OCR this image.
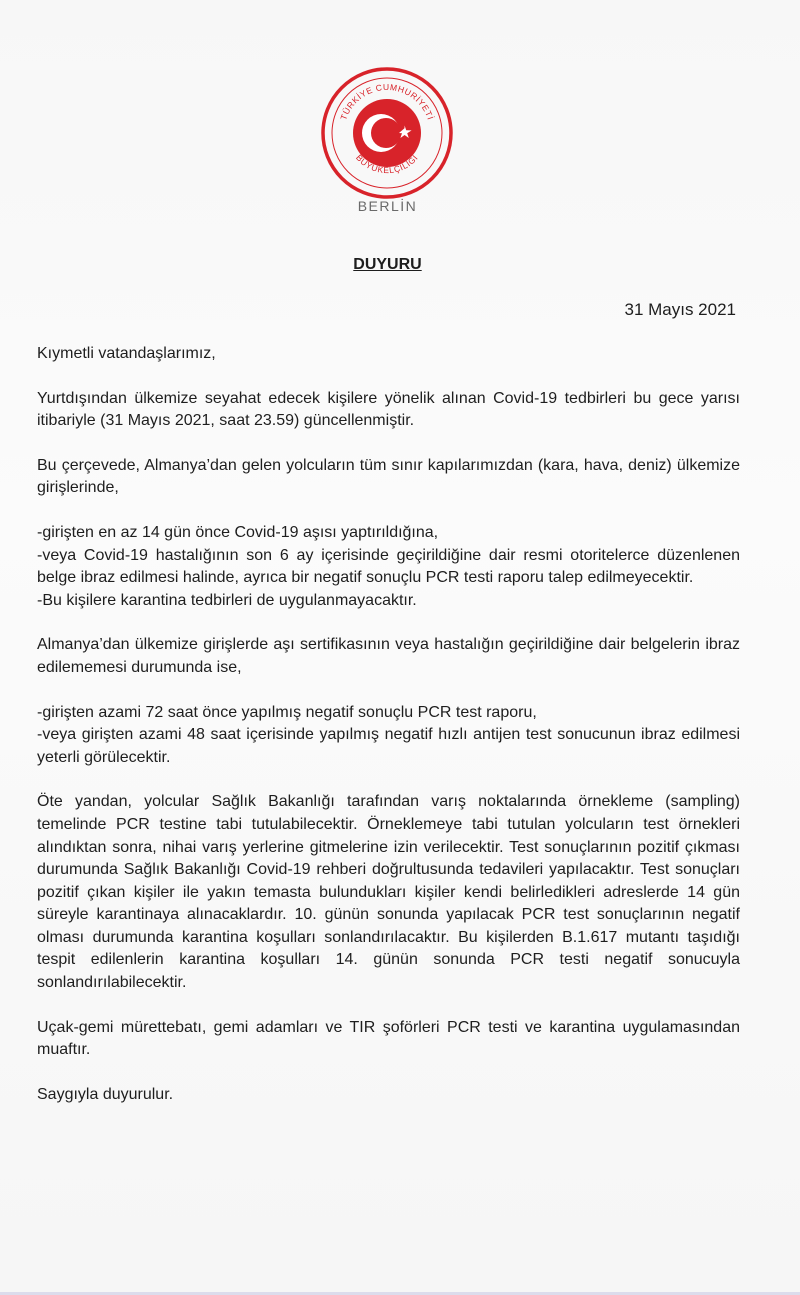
TÜRKİYE CUMHURİYETİ
BÜYÜKELÇİLİĞİ
BERLİN
DUYURU
31 Mayıs 2021

Kıymetli vatandaşlarımız,

Yurtdışından ülkemize seyahat edecek kişilere yönelik alınan Covid-19 tedbirleri bu gece yarısı itibariyle (31 Mayıs 2021, saat 23.59) güncellenmiştir.

Bu çerçevede, Almanya’dan gelen yolcuların tüm sınır kapılarımızdan (kara, hava, deniz) ülkemize girişlerinde,

-girişten en az 14 gün önce Covid-19 aşısı yaptırıldığına,

-veya Covid-19 hastalığının son 6 ay içerisinde geçirildiğine dair resmi otoritelerce düzenlenen belge ibraz edilmesi halinde, ayrıca bir negatif sonuçlu PCR testi raporu talep edilmeyecektir.

-Bu kişilere karantina tedbirleri de uygulanmayacaktır.

Almanya’dan ülkemize girişlerde aşı sertifikasının veya hastalığın geçirildiğine dair belgelerin ibraz edilememesi durumunda ise,

-girişten azami 72 saat önce yapılmış negatif sonuçlu PCR test raporu,

-veya girişten azami 48 saat içerisinde yapılmış negatif hızlı antijen test sonucunun ibraz edilmesi yeterli görülecektir.

Öte yandan, yolcular Sağlık Bakanlığı tarafından varış noktalarında örnekleme (sampling) temelinde PCR testine tabi tutulabilecektir. Örneklemeye tabi tutulan yolcuların test örnekleri alındıktan sonra, nihai varış yerlerine gitmelerine izin verilecektir. Test sonuçlarının pozitif çıkması durumunda Sağlık Bakanlığı Covid-19 rehberi doğrultusunda tedavileri yapılacaktır. Test sonuçları pozitif çıkan kişiler ile yakın temasta bulundukları kişiler kendi belirledikleri adreslerde 14 gün süreyle karantinaya alınacaklardır. 10. günün sonunda yapılacak PCR test sonuçlarının negatif olması durumunda karantina koşulları sonlandırılacaktır. Bu kişilerden B.1.617 mutantı taşıdığı tespit edilenlerin karantina koşulları 14. günün sonunda PCR testi negatif sonucuyla sonlandırılabilecektir.

Uçak-gemi mürettebatı, gemi adamları ve TIR şoförleri PCR testi ve karantina uygulamasından muaftır.

Saygıyla duyurulur.
